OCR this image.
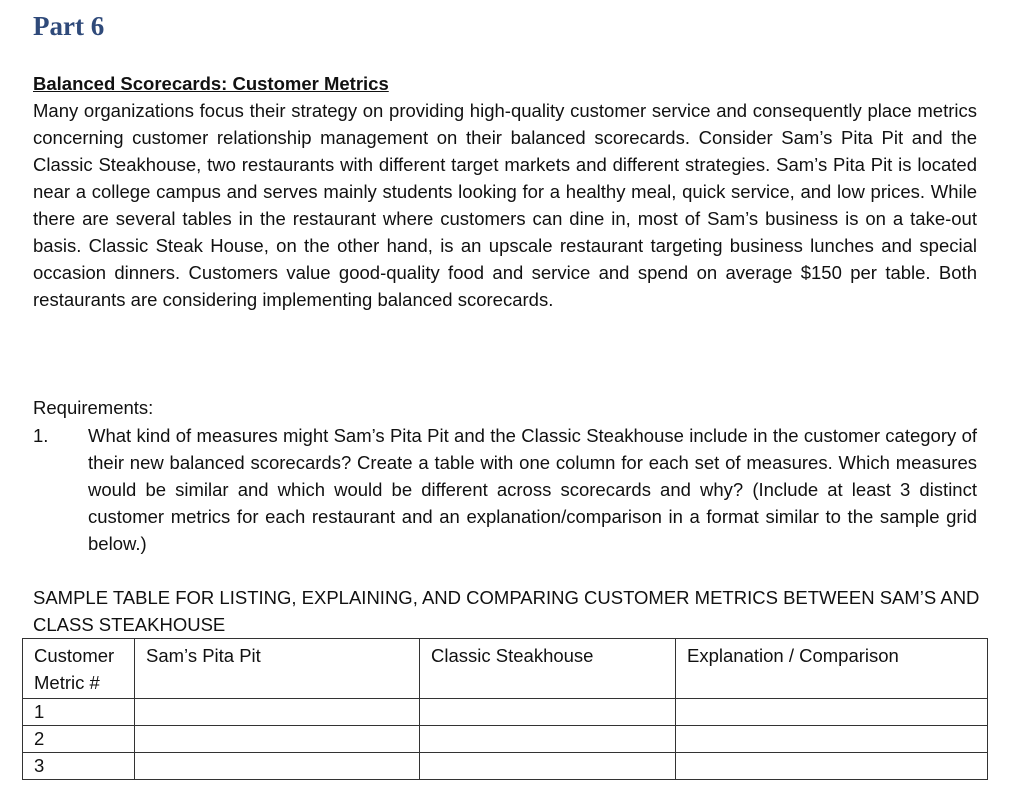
Part 6
Balanced Scorecards: Customer Metrics

Many organizations focus their strategy on providing high-quality customer service and consequently place metrics concerning customer relationship management on their balanced scorecards. Consider Sam’s Pita Pit and the Classic Steakhouse, two restaurants with different target markets and different strategies. Sam’s Pita Pit is located near a college campus and serves mainly students looking for a healthy meal, quick service, and low prices. While there are several tables in the restaurant where customers can dine in, most of Sam’s business is on a take-out basis. Classic Steak House, on the other hand, is an upscale restaurant targeting business lunches and special occasion dinners. Customers value good-quality food and service and spend on average $150 per table. Both restaurants are considering implementing balanced scorecards.

Requirements:

1. What kind of measures might Sam’s Pita Pit and the Classic Steakhouse include in the customer category of their new balanced scorecards? Create a table with one column for each set of measures. Which measures would be similar and which would be different across scorecards and why? (Include at least 3 distinct customer metrics for each restaurant and an explanation/comparison in a format similar to the sample grid below.)

SAMPLE TABLE FOR LISTING, EXPLAINING, AND COMPARING CUSTOMER METRICS BETWEEN SAM’S AND CLASS STEAKHOUSE

Customer Metric #	Sam’s Pita Pit	Classic Steakhouse	Explanation / Comparison
1			
2			
3			
